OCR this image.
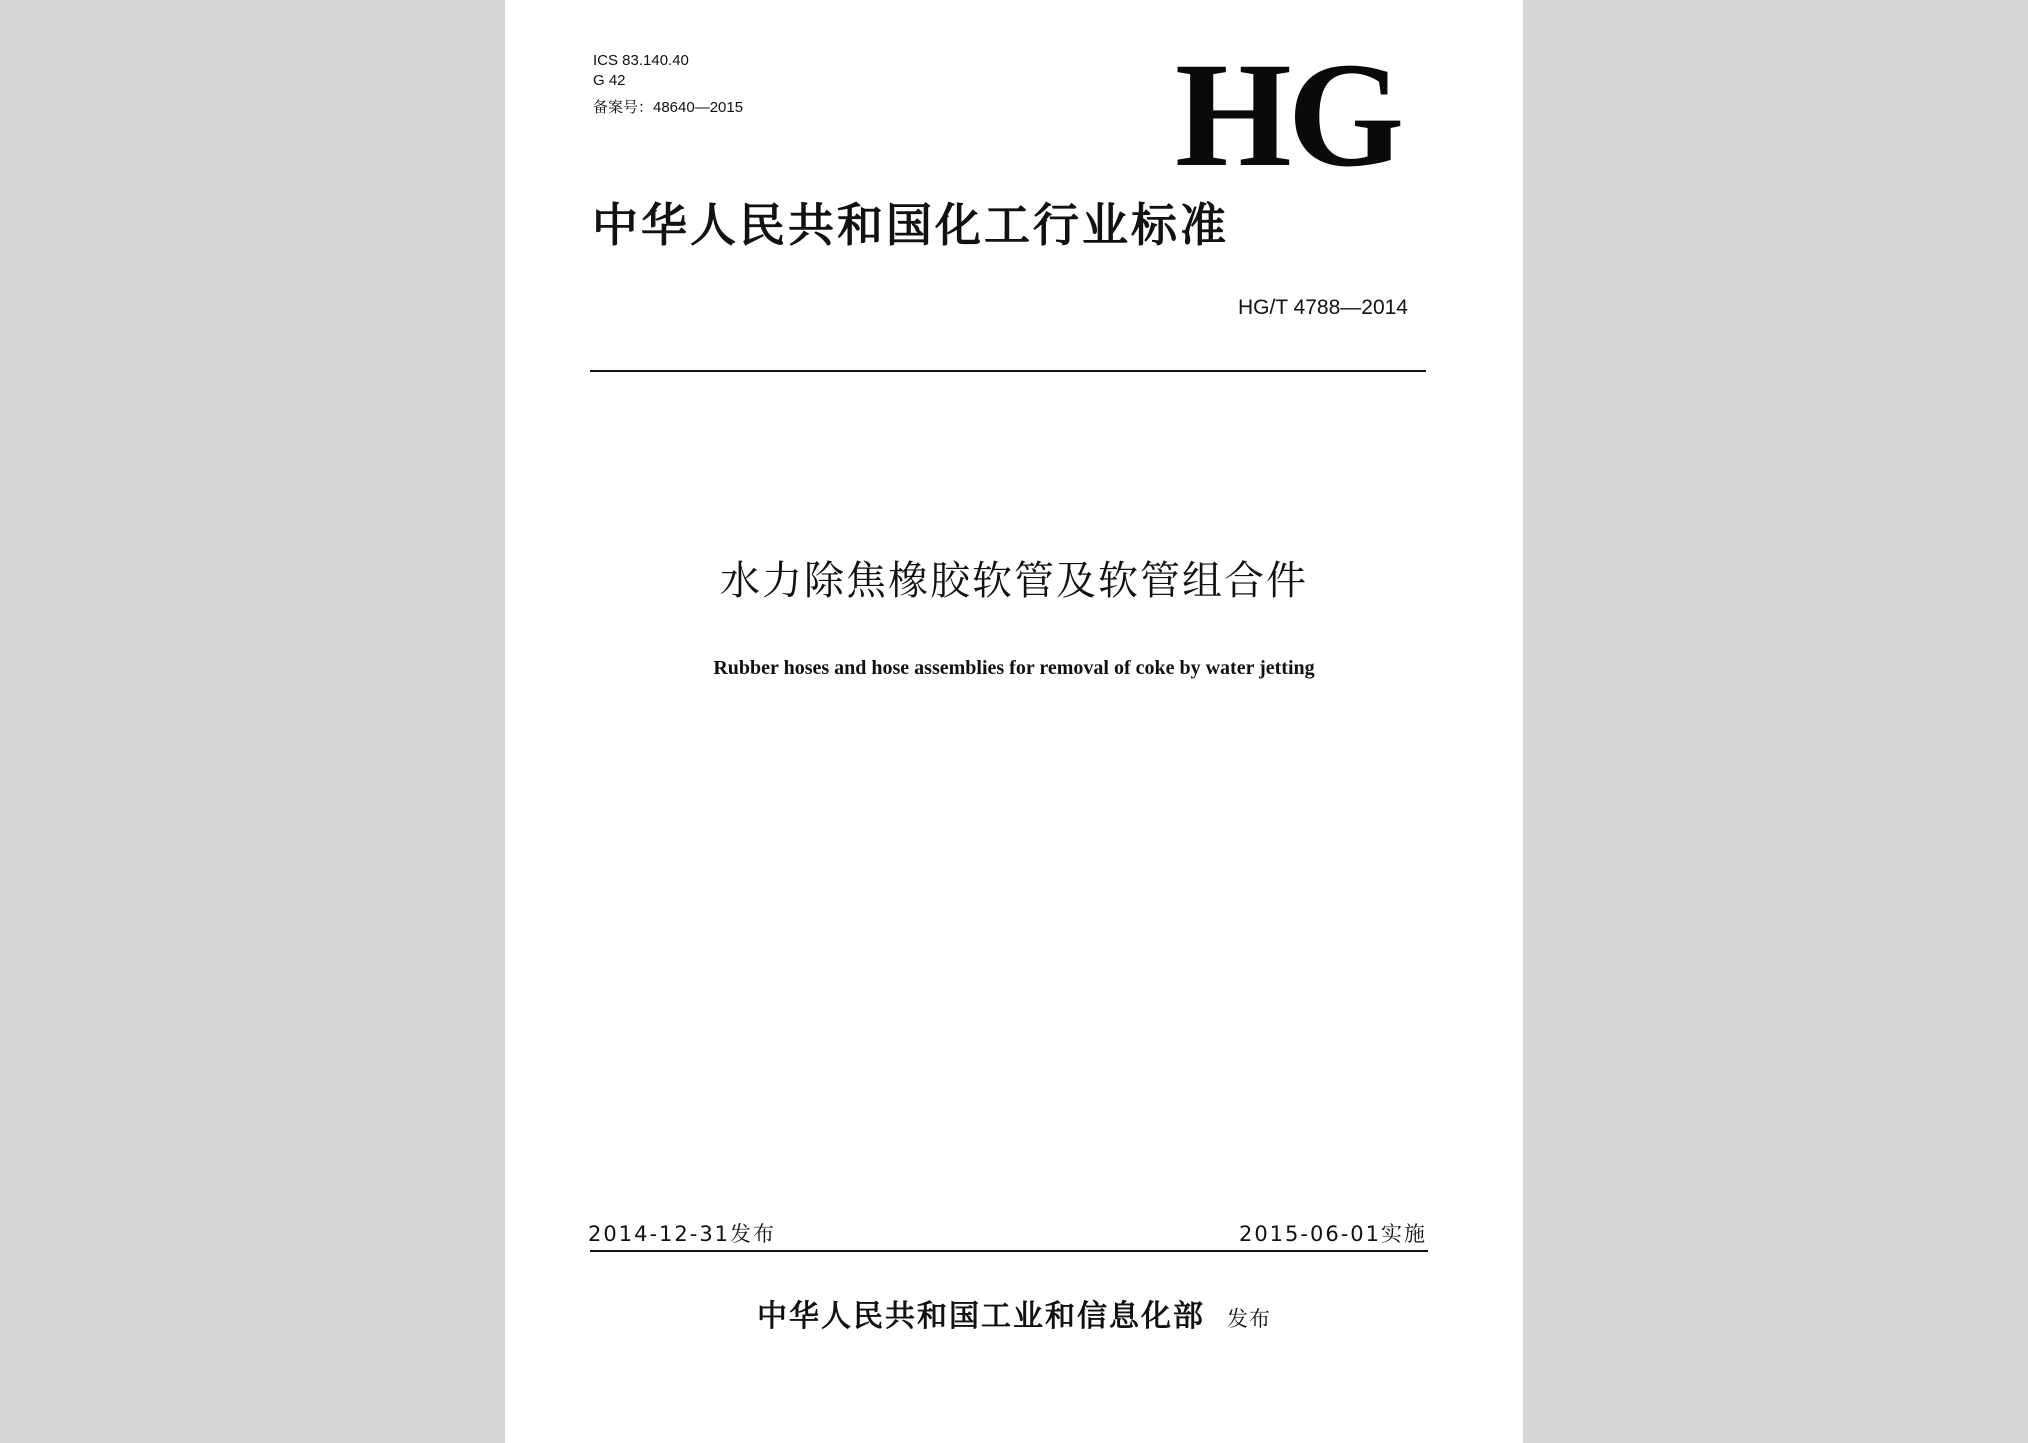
ICS 83.140.40
G 42
备案号：48640—2015	HG
中华人民共和国化工行业标准
HG/T 4788—2014
水力除焦橡胶软管及软管组合件
Rubber hoses and hose assemblies for removal of coke by water jetting
2014-12-31发布	2015-06-01实施
中华人民共和国工业和信息化部 发布
